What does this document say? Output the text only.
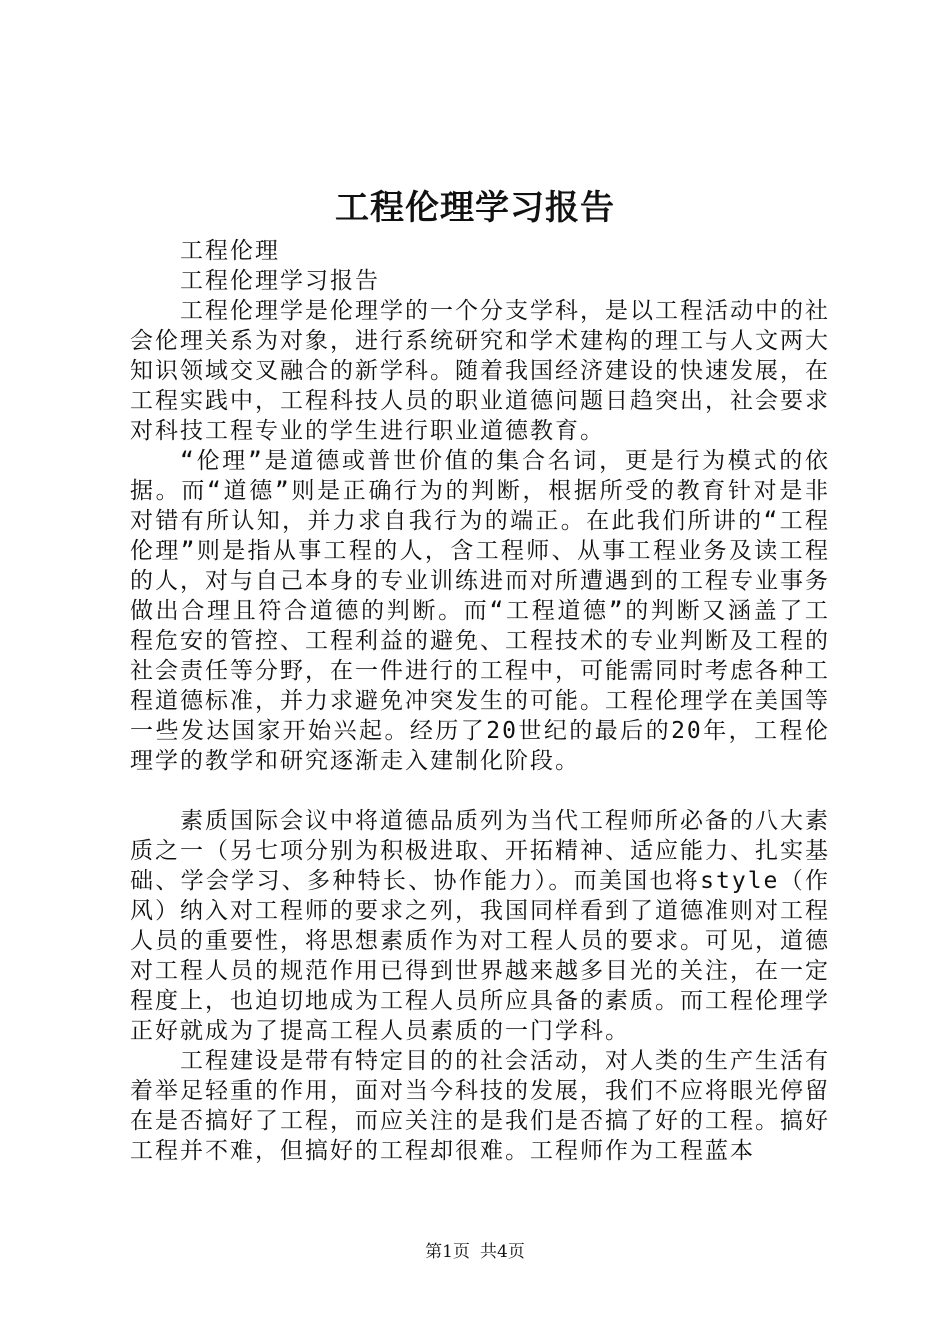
工程伦理学习报告

工程伦理

工程伦理学习报告

工程伦理学是伦理学的一个分支学科，是以工程活动中的社会伦理关系为对象，进行系统研究和学术建构的理工与人文两大知识领域交叉融合的新学科。随着我国经济建设的快速发展，在工程实践中，工程科技人员的职业道德问题日趋突出，社会要求对科技工程专业的学生进行职业道德教育。

“伦理”是道德或普世价值的集合名词，更是行为模式的依据。而“道德”则是正确行为的判断，根据所受的教育针对是非对错有所认知，并力求自我行为的端正。在此我们所讲的“工程伦理”则是指从事工程的人，含工程师、从事工程业务及读工程的人，对与自己本身的专业训练进而对所遭遇到的工程专业事务做出合理且符合道德的判断。而“工程道德”的判断又涵盖了工程危安的管控、工程利益的避免、工程技术的专业判断及工程的社会责任等分野，在一件进行的工程中，可能需同时考虑各种工程道德标准，并力求避免冲突发生的可能。工程伦理学在美国等一些发达国家开始兴起。经历了20世纪的最后的20年，工程伦理学的教学和研究逐渐走入建制化阶段。

素质国际会议中将道德品质列为当代工程师所必备的八大素质之一（另七项分别为积极进取、开拓精神、适应能力、扎实基础、学会学习、多种特长、协作能力）。而美国也将style（作风）纳入对工程师的要求之列，我国同样看到了道德准则对工程人员的重要性，将思想素质作为对工程人员的要求。可见，道德对工程人员的规范作用已得到世界越来越多目光的关注，在一定程度上，也迫切地成为工程人员所应具备的素质。而工程伦理学正好就成为了提高工程人员素质的一门学科。

工程建设是带有特定目的的社会活动，对人类的生产生活有着举足轻重的作用，面对当今科技的发展，我们不应将眼光停留在是否搞好了工程，而应关注的是我们是否搞了好的工程。搞好工程并不难，但搞好的工程却很难。工程师作为工程蓝本

第1页 共4页
